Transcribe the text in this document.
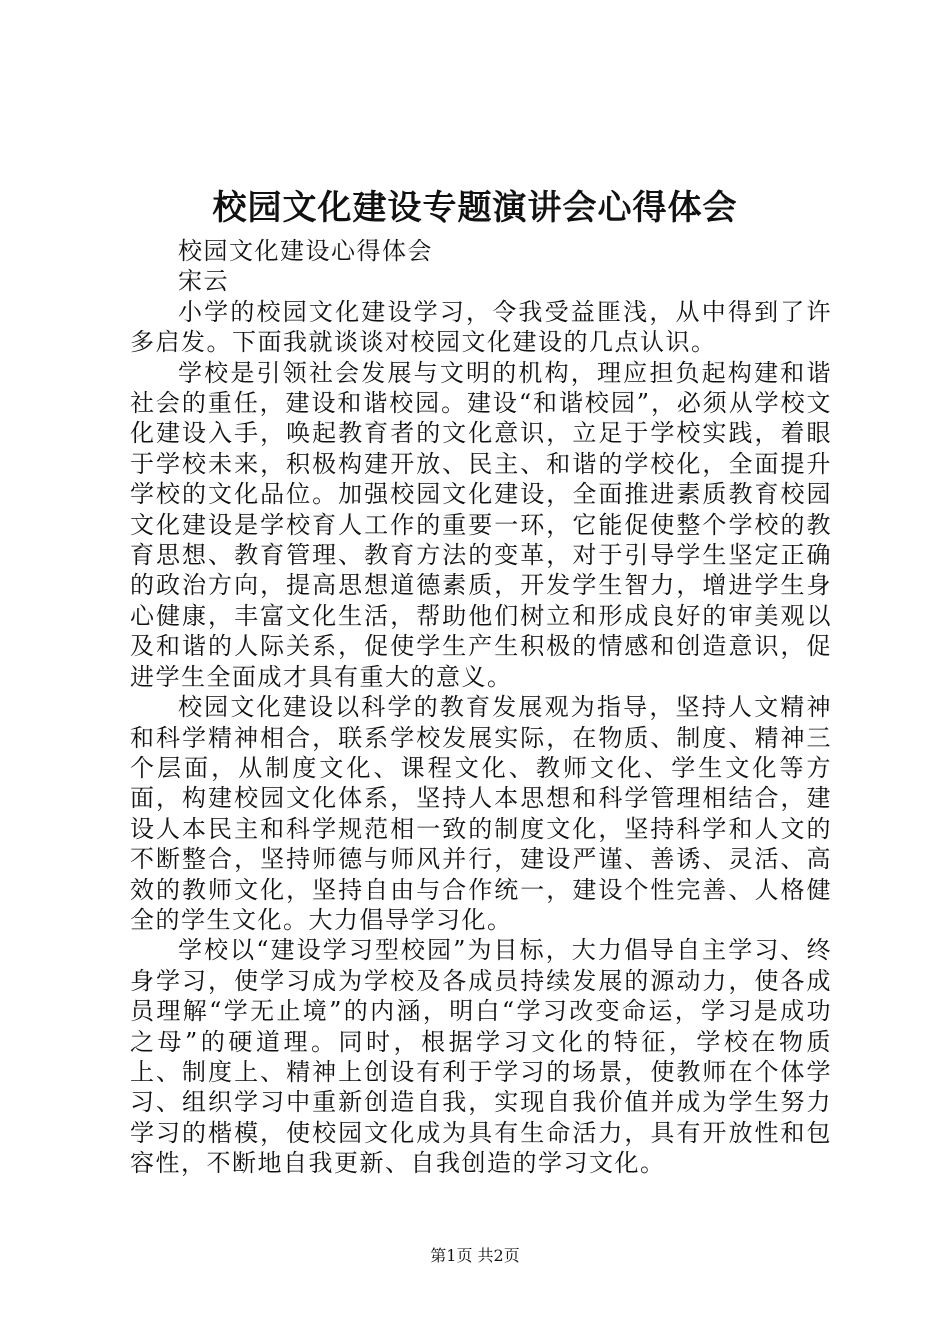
校园文化建设专题演讲会心得体会

校园文化建设心得体会

宋云

小学的校园文化建设学习，令我受益匪浅，从中得到了许多启发。下面我就谈谈对校园文化建设的几点认识。

学校是引领社会发展与文明的机构，理应担负起构建和谐社会的重任，建设和谐校园。建设“和谐校园”，必须从学校文化建设入手，唤起教育者的文化意识，立足于学校实践，着眼于学校未来，积极构建开放、民主、和谐的学校化，全面提升学校的文化品位。加强校园文化建设，全面推进素质教育校园文化建设是学校育人工作的重要一环，它能促使整个学校的教育思想、教育管理、教育方法的变革，对于引导学生坚定正确的政治方向，提高思想道德素质，开发学生智力，增进学生身心健康，丰富文化生活，帮助他们树立和形成良好的审美观以及和谐的人际关系，促使学生产生积极的情感和创造意识，促进学生全面成才具有重大的意义。

校园文化建设以科学的教育发展观为指导，坚持人文精神和科学精神相合，联系学校发展实际，在物质、制度、精神三个层面，从制度文化、课程文化、教师文化、学生文化等方面，构建校园文化体系，坚持人本思想和科学管理相结合，建设人本民主和科学规范相一致的制度文化，坚持科学和人文的不断整合，坚持师德与师风并行，建设严谨、善诱、灵活、高效的教师文化，坚持自由与合作统一，建设个性完善、人格健全的学生文化。大力倡导学习化。

学校以“建设学习型校园”为目标，大力倡导自主学习、终身学习，使学习成为学校及各成员持续发展的源动力，使各成员理解“学无止境”的内涵，明白“学习改变命运，学习是成功之母”的硬道理。同时，根据学习文化的特征，学校在物质上、制度上、精神上创设有利于学习的场景，使教师在个体学习、组织学习中重新创造自我，实现自我价值并成为学生努力学习的楷模，使校园文化成为具有生命活力，具有开放性和包容性，不断地自我更新、自我创造的学习文化。

第1页 共2页
